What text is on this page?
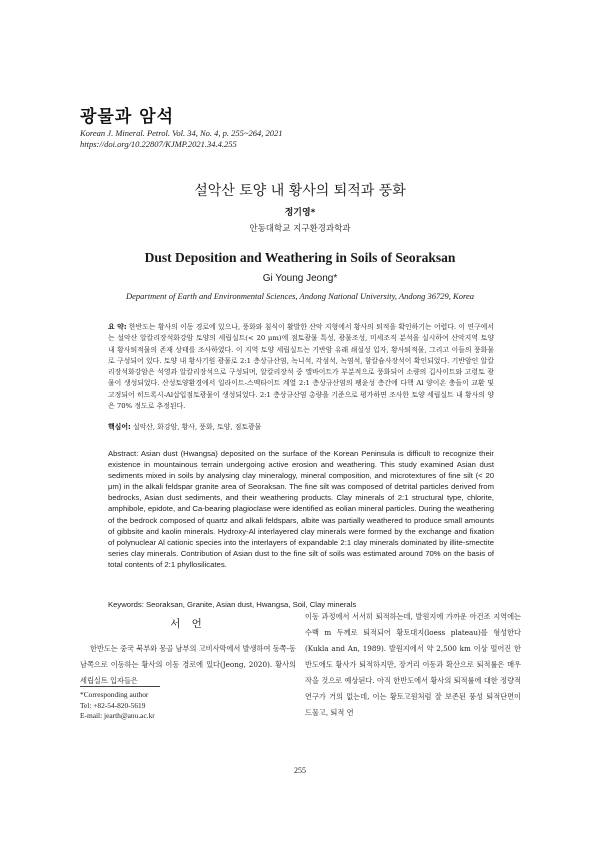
광물과 암석
Korean J. Mineral. Petrol. Vol. 34, No. 4, p. 255~264, 2021
https://doi.org/10.22807/KJMP.2021.34.4.255
설악산 토양 내 황사의 퇴적과 풍화
정기영*
안동대학교 지구환경과학과
Dust Deposition and Weathering in Soils of Seoraksan
Gi Young Jeong*
Department of Earth and Environmental Sciences, Andong National University, Andong 36729, Korea
요 약: 한반도는 황사의 이동 경로에 있으나, 풍화와 침식이 활발한 산악 지형에서 황사의 퇴적을 확인하기는 어렵다. 이 연구에서는 설악산 알칼리장석화강암 토양의 세립실트(< 20 μm)에 점토광물 특성, 광물조성, 미세조직 분석을 실시하여 산악지역 토양 내 황사퇴적물의 존재 상태를 조사하였다. 이 지역 토양 세립실트는 기반암 유래 쇄설성 입자, 황사퇴적물, 그리고 이들의 풍화물로 구성되어 있다. 토양 내 황사기원 광물로 2:1 층상규산염, 녹니석, 각섬석, 녹염석, 함칼슘사장석이 확인되었다. 기반암인 알칼리장석화강암은 석영과 알칼리장석으로 구성되며, 알칼리장석 중 앨바이트가 부분적으로 풍화되어 소량의 깁사이트와 고령토 광물이 생성되었다. 산성토양환경에서 일라이트-스멕타이트 계열 2:1 층상규산염의 팽윤성 층간에 다핵 Al 양이온 충들이 교환 및 고정되어 히드록시-Al삽입점토광물이 생성되었다. 2:1 층상규산염 총량을 기준으로 평가하면 조사한 토양 세립실트 내 황사의 양은 70% 정도로 추정된다.
핵심어: 설악산, 화강암, 황사, 풍화, 토양, 점토광물
Abstract: Asian dust (Hwangsa) deposited on the surface of the Korean Peninsula is difficult to recognize their existence in mountainous terrain undergoing active erosion and weathering. This study examined Asian dust sediments mixed in soils by analysing clay mineralogy, mineral composition, and microtextures of fine silt (< 20 μm) in the alkali feldspar granite area of Seoraksan. The fine silt was composed of detrital particles derived from bedrocks, Asian dust sediments, and their weathering products. Clay minerals of 2:1 structural type, chlorite, amphibole, epidote, and Ca-bearing plagioclase were identified as eolian mineral particles. During the weathering of the bedrock composed of quartz and alkali feldspars, albite was partially weathered to produce small amounts of gibbsite and kaolin minerals. Hydroxy-Al interlayered clay minerals were formed by the exchange and fixation of polynuclear Al cationic species into the interlayers of expandable 2:1 clay minerals dominated by illite-smectite series clay minerals. Contribution of Asian dust to the fine silt of soils was estimated around 70% on the basis of total contents of 2:1 phyllosilicates.
Keywords: Seoraksan, Granite, Asian dust, Hwangsa, Soil, Clay minerals
서 언
한반도는 중국 북부와 몽골 남부의 고비사막에서 발생하여 동쪽-동남쪽으로 이동하는 황사의 이동 경로에 있다(Jeong, 2020). 황사의 세립실트 입자들은
*Corresponding author
Tel: +82-54-820-5619
E-mail: jearth@anu.ac.kr
이동 과정에서 서서히 퇴적하는데, 발원지에 가까운 아건조 지역에는 수백 m 두께로 퇴적되어 황토대지(loess plateau)를 형성한다(Kukla and An, 1989). 발원지에서 약 2,500 km 이상 떨어진 한반도에도 황사가 퇴적하지만, 장거리 이동과 확산으로 퇴적률은 매우 작을 것으로 예상된다. 아직 한반도에서 황사의 퇴적률에 대한 정량적 연구가 거의 없는데, 이는 황토고원처럼 잘 보존된 풍성 퇴적단면이 드물고, 퇴적 연
255
